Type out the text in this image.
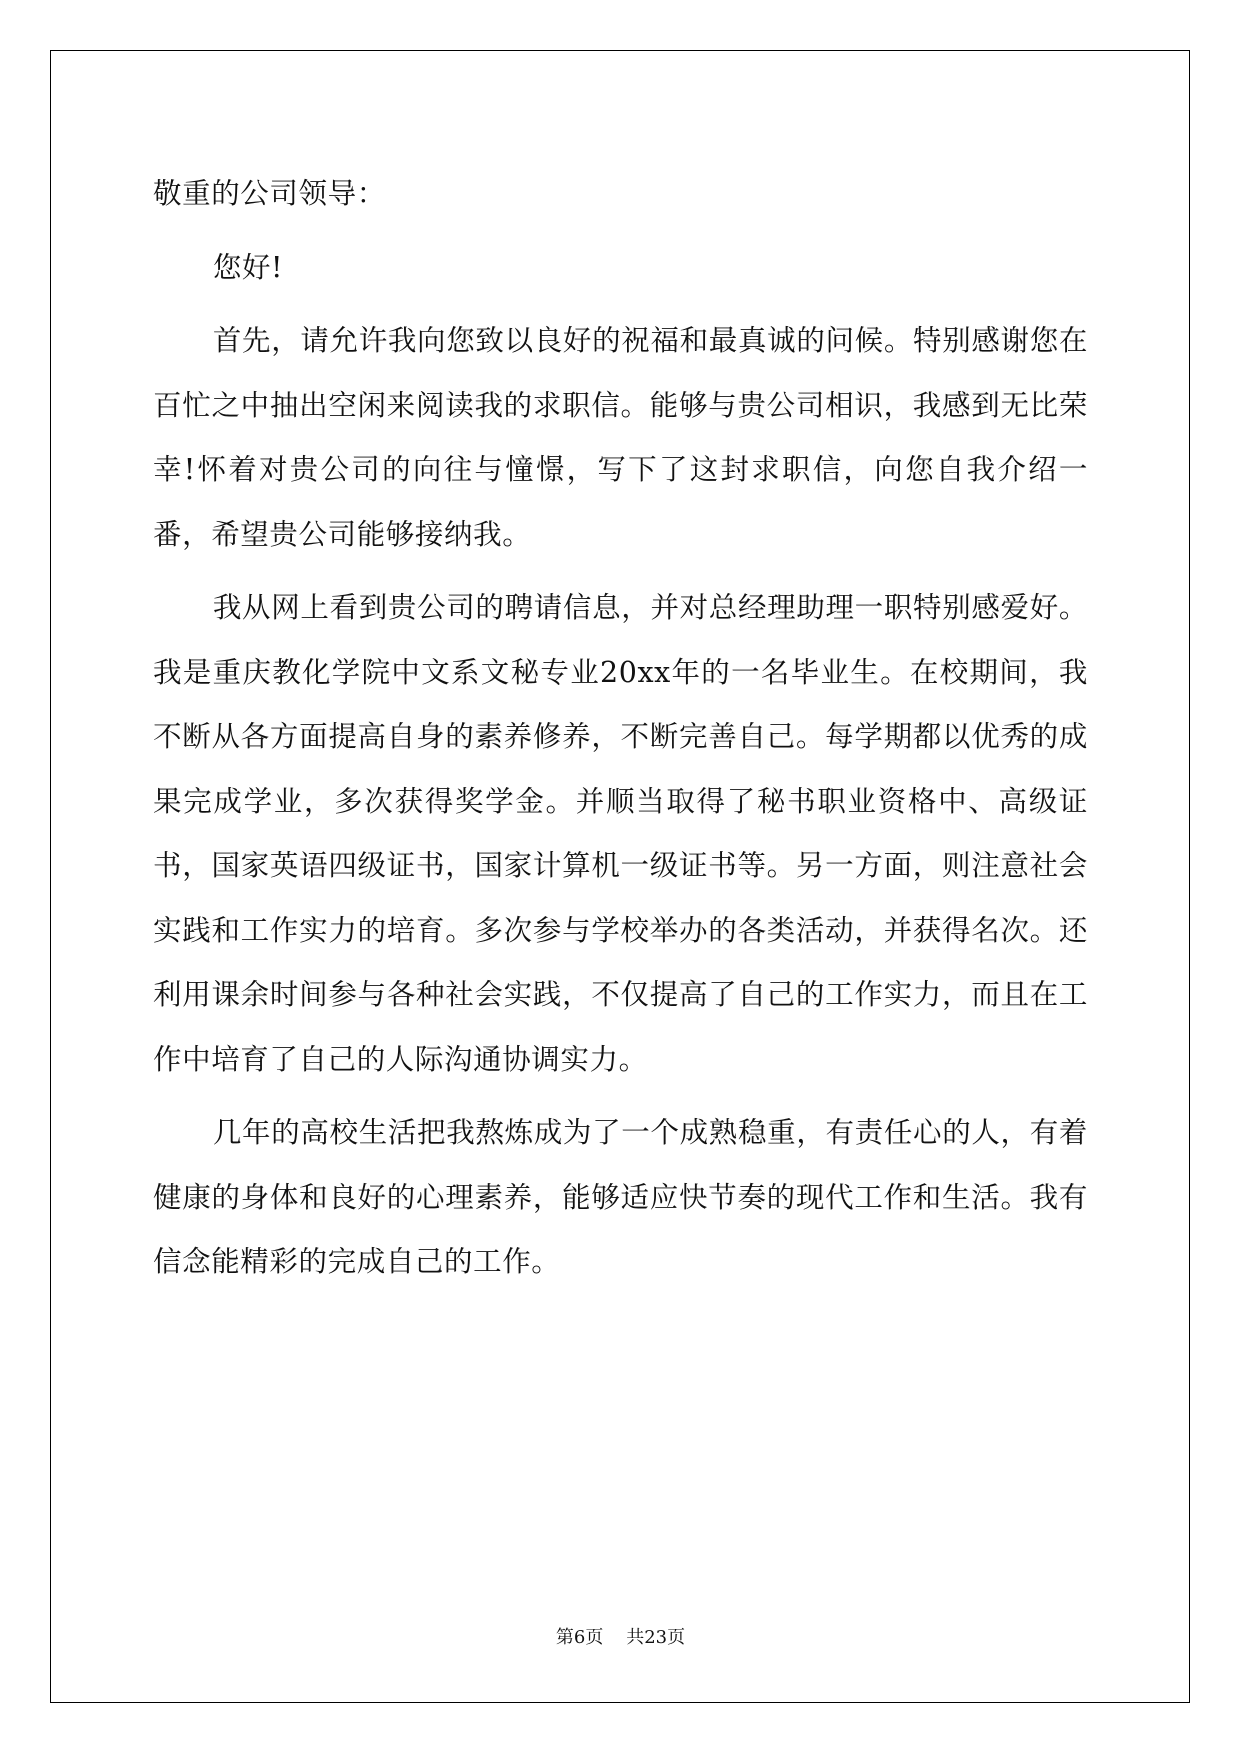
敬重的公司领导：

您好!

首先，请允许我向您致以良好的祝福和最真诚的问候。特别感谢您在百忙之中抽出空闲来阅读我的求职信。能够与贵公司相识，我感到无比荣幸!怀着对贵公司的向往与憧憬，写下了这封求职信，向您自我介绍一番，希望贵公司能够接纳我。

我从网上看到贵公司的聘请信息，并对总经理助理一职特别感爱好。我是重庆教化学院中文系文秘专业20xx年的一名毕业生。在校期间，我不断从各方面提高自身的素养修养，不断完善自己。每学期都以优秀的成果完成学业，多次获得奖学金。并顺当取得了秘书职业资格中、高级证书，国家英语四级证书，国家计算机一级证书等。另一方面，则注意社会实践和工作实力的培育。多次参与学校举办的各类活动，并获得名次。还利用课余时间参与各种社会实践，不仅提高了自己的工作实力，而且在工作中培育了自己的人际沟通协调实力。

几年的高校生活把我熬炼成为了一个成熟稳重，有责任心的人，有着健康的身体和良好的心理素养，能够适应快节奏的现代工作和生活。我有信念能精彩的完成自己的工作。

第6页 共23页
